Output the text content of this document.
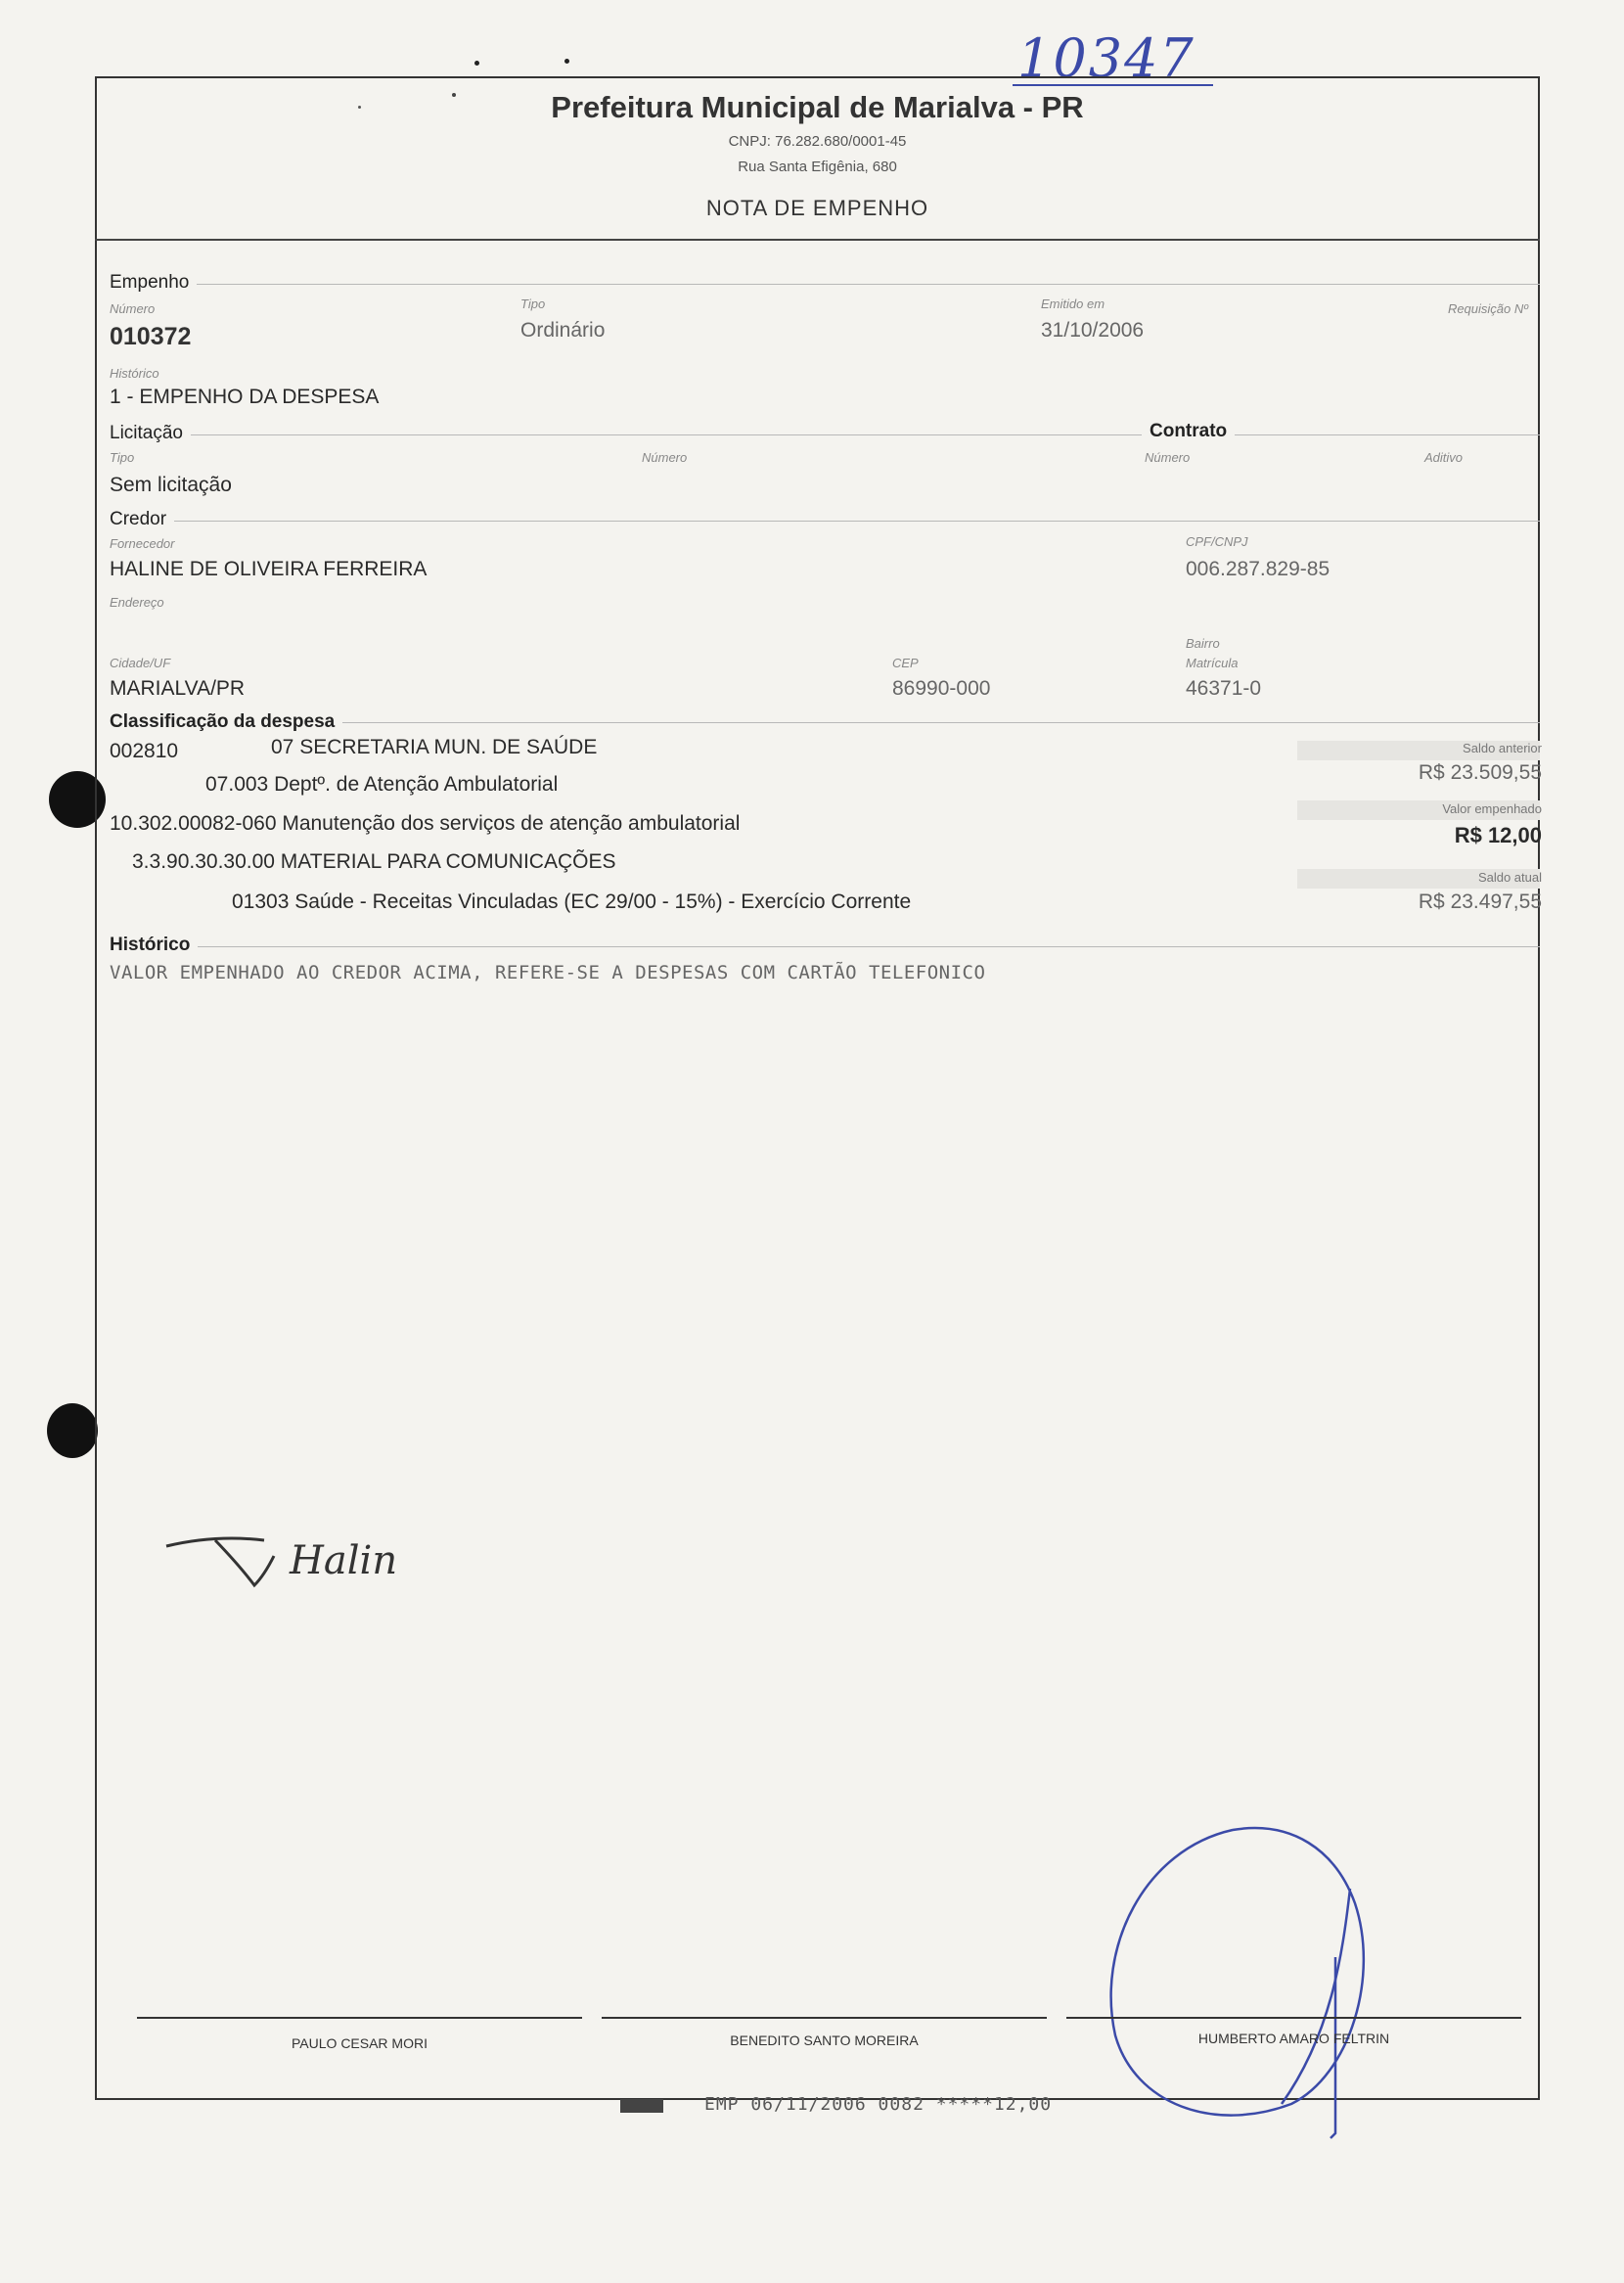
10347
Prefeitura Municipal de Marialva - PR
CNPJ: 76.282.680/0001-45
Rua Santa Efigênia, 680
NOTA DE EMPENHO
Empenho
Número
010372
Tipo
Ordinário
Emitido em
31/10/2006
Requisição Nº
Histórico
1 - EMPENHO DA DESPESA
Licitação	Contrato
Tipo
Sem licitação
Número	Número	Aditivo
Credor
Fornecedor
HALINE DE OLIVEIRA FERREIRA
CPF/CNPJ
006.287.829-85
Endereço
Bairro
Cidade/UF
MARIALVA/PR
CEP
86990-000
Matrícula
46371-0
Classificação da despesa
002810	07 SECRETARIA MUN. DE SAÚDE
07.003 Deptº. de Atenção Ambulatorial
10.302.00082-060 Manutenção dos serviços de atenção ambulatorial
3.3.90.30.30.00 MATERIAL PARA COMUNICAÇÕES
01303 Saúde - Receitas Vinculadas (EC 29/00 - 15%) - Exercício Corrente
Saldo anterior
R$ 23.509,55
Valor empenhado
R$ 12,00
Saldo atual
R$ 23.497,55
Histórico
VALOR EMPENHADO AO CREDOR ACIMA, REFERE-SE A DESPESAS COM CARTÃO TELEFONICO
Halin
PAULO CESAR MORI	BENEDITO SANTO MOREIRA	HUMBERTO AMARO FELTRIN
EMP 06/11/2006 0082 *****12,00
